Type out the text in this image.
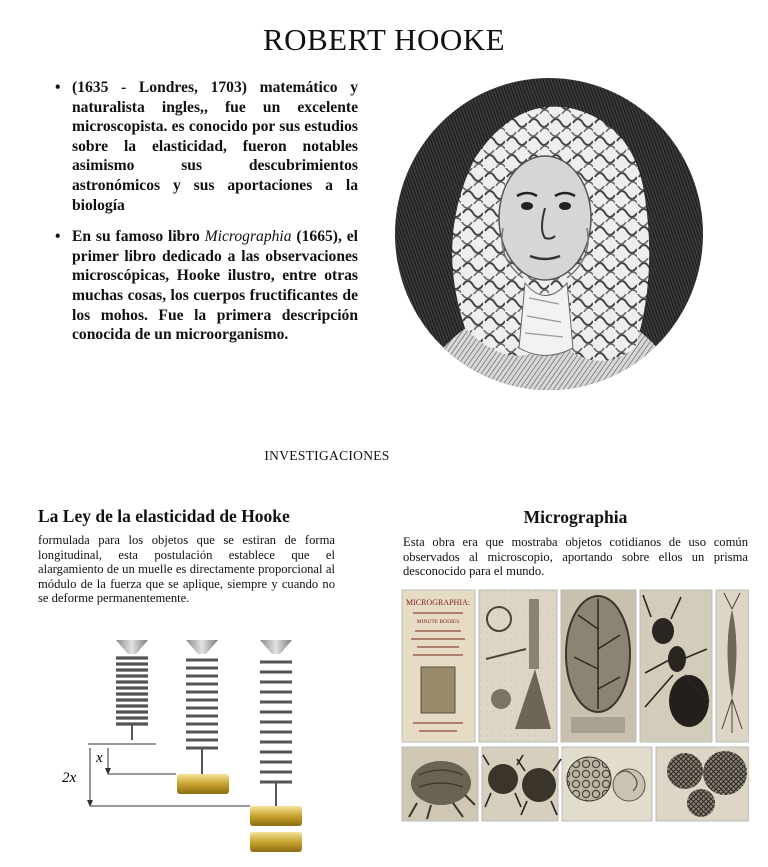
ROBERT HOOKE
• (1635 - Londres, 1703) matemático y naturalista ingles,, fue un excelente microscopista. es conocido por sus estudios sobre la elasticidad, fueron notables asimismo sus descubrimientos astronómicos y sus aportaciones a la biología
• En su famoso libro Micrographia (1665), el primer libro dedicado a las observaciones microscópicas, Hooke ilustro, entre otras muchas cosas, los cuerpos fructificantes de los mohos. Fue la primera descripción conocida de un microorganismo.
INVESTIGACIONES
La Ley de la elasticidad de Hooke
formulada para los objetos que se estiran de forma longitudinal, esta postulación establece que el alargamiento de un muelle es directamente proporcional al módulo de la fuerza que se aplique, siempre y cuando no se deforme permanentemente.
Micrographia
Esta obra era que mostraba objetos cotidianos de uso común observados al microscopio, aportando sobre ellos un prisma desconocido para el mundo.
x
2x
MICROGRAPHIA:
MINUTE BODIES
